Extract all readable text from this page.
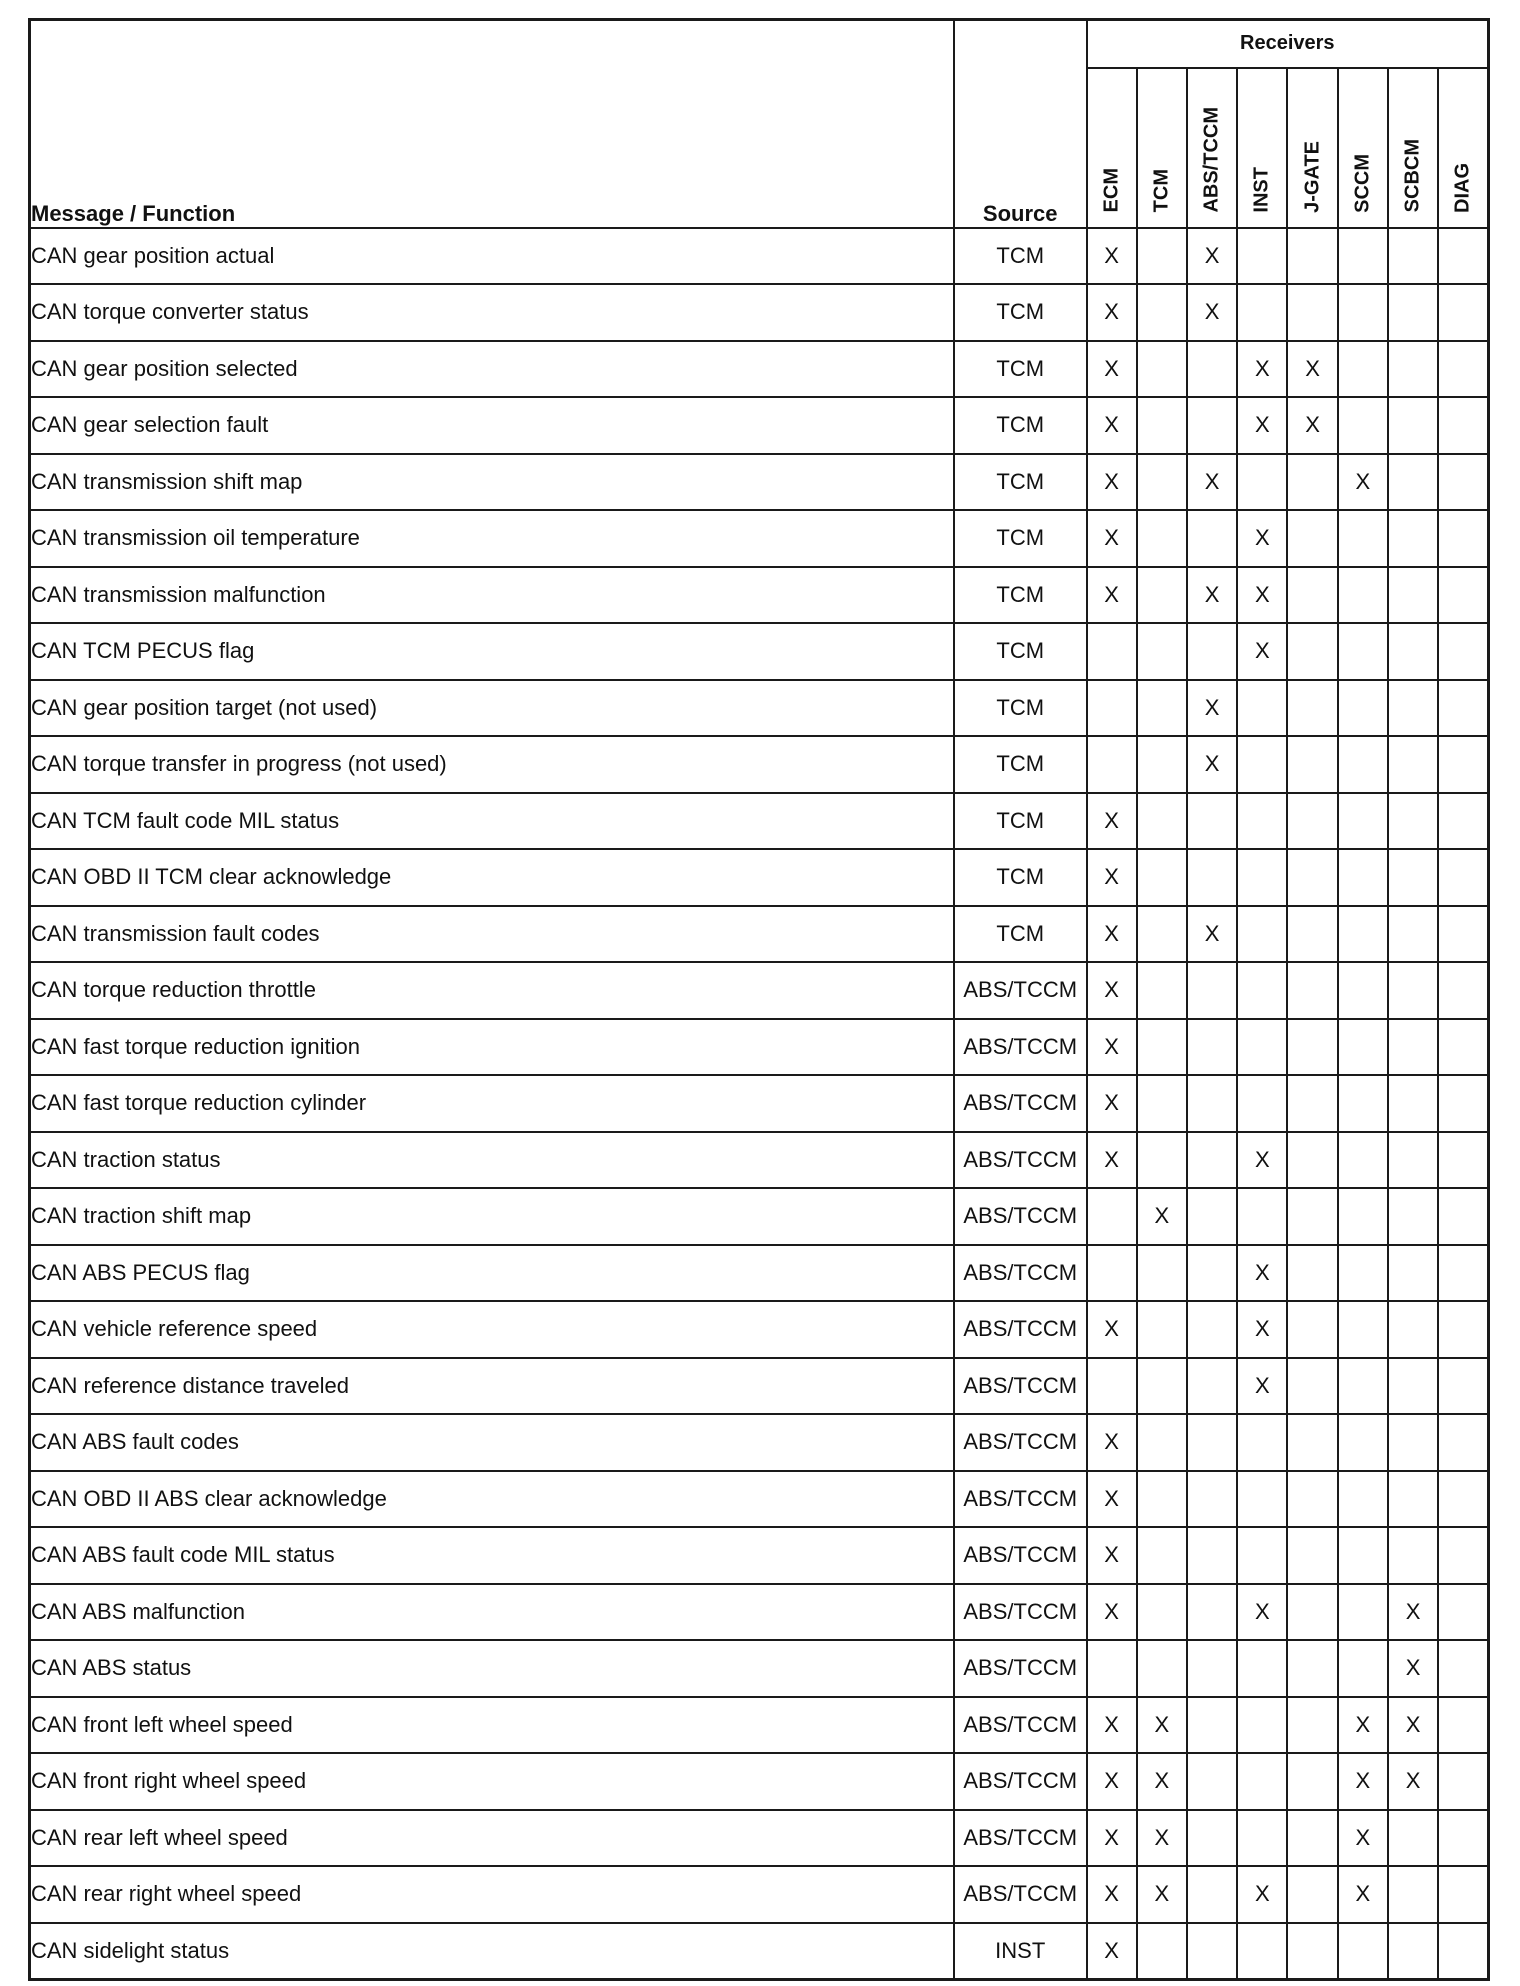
Message / Function	Source	Receivers							

		ECM	TCM	ABS/TCCM	INST	J-GATE	SCCM	SCBCM	DIAG

CAN gear position actual	TCM	X		X					
CAN torque converter status	TCM	X		X					
CAN gear position selected	TCM	X			X	X			
CAN gear selection fault	TCM	X			X	X			
CAN transmission shift map	TCM	X		X			X		
CAN transmission oil temperature	TCM	X			X				
CAN transmission malfunction	TCM	X		X	X				
CAN TCM PECUS flag	TCM				X				
CAN gear position target (not used)	TCM			X					
CAN torque transfer in progress (not used)	TCM			X					
CAN TCM fault code MIL status	TCM	X							
CAN OBD II TCM clear acknowledge	TCM	X							
CAN transmission fault codes	TCM	X		X					
CAN torque reduction throttle	ABS/TCCM	X							
CAN fast torque reduction ignition	ABS/TCCM	X							
CAN fast torque reduction cylinder	ABS/TCCM	X							
CAN traction status	ABS/TCCM	X			X				
CAN traction shift map	ABS/TCCM		X						
CAN ABS PECUS flag	ABS/TCCM				X				
CAN vehicle reference speed	ABS/TCCM	X			X				
CAN reference distance traveled	ABS/TCCM				X				
CAN ABS fault codes	ABS/TCCM	X							
CAN OBD II ABS clear acknowledge	ABS/TCCM	X							
CAN ABS fault code MIL status	ABS/TCCM	X							
CAN ABS malfunction	ABS/TCCM	X			X			X	
CAN ABS status	ABS/TCCM							X	
CAN front left wheel speed	ABS/TCCM	X	X				X	X	
CAN front right wheel speed	ABS/TCCM	X	X				X	X	
CAN rear left wheel speed	ABS/TCCM	X	X				X		
CAN rear right wheel speed	ABS/TCCM	X	X		X		X		
CAN sidelight status	INST	X							
